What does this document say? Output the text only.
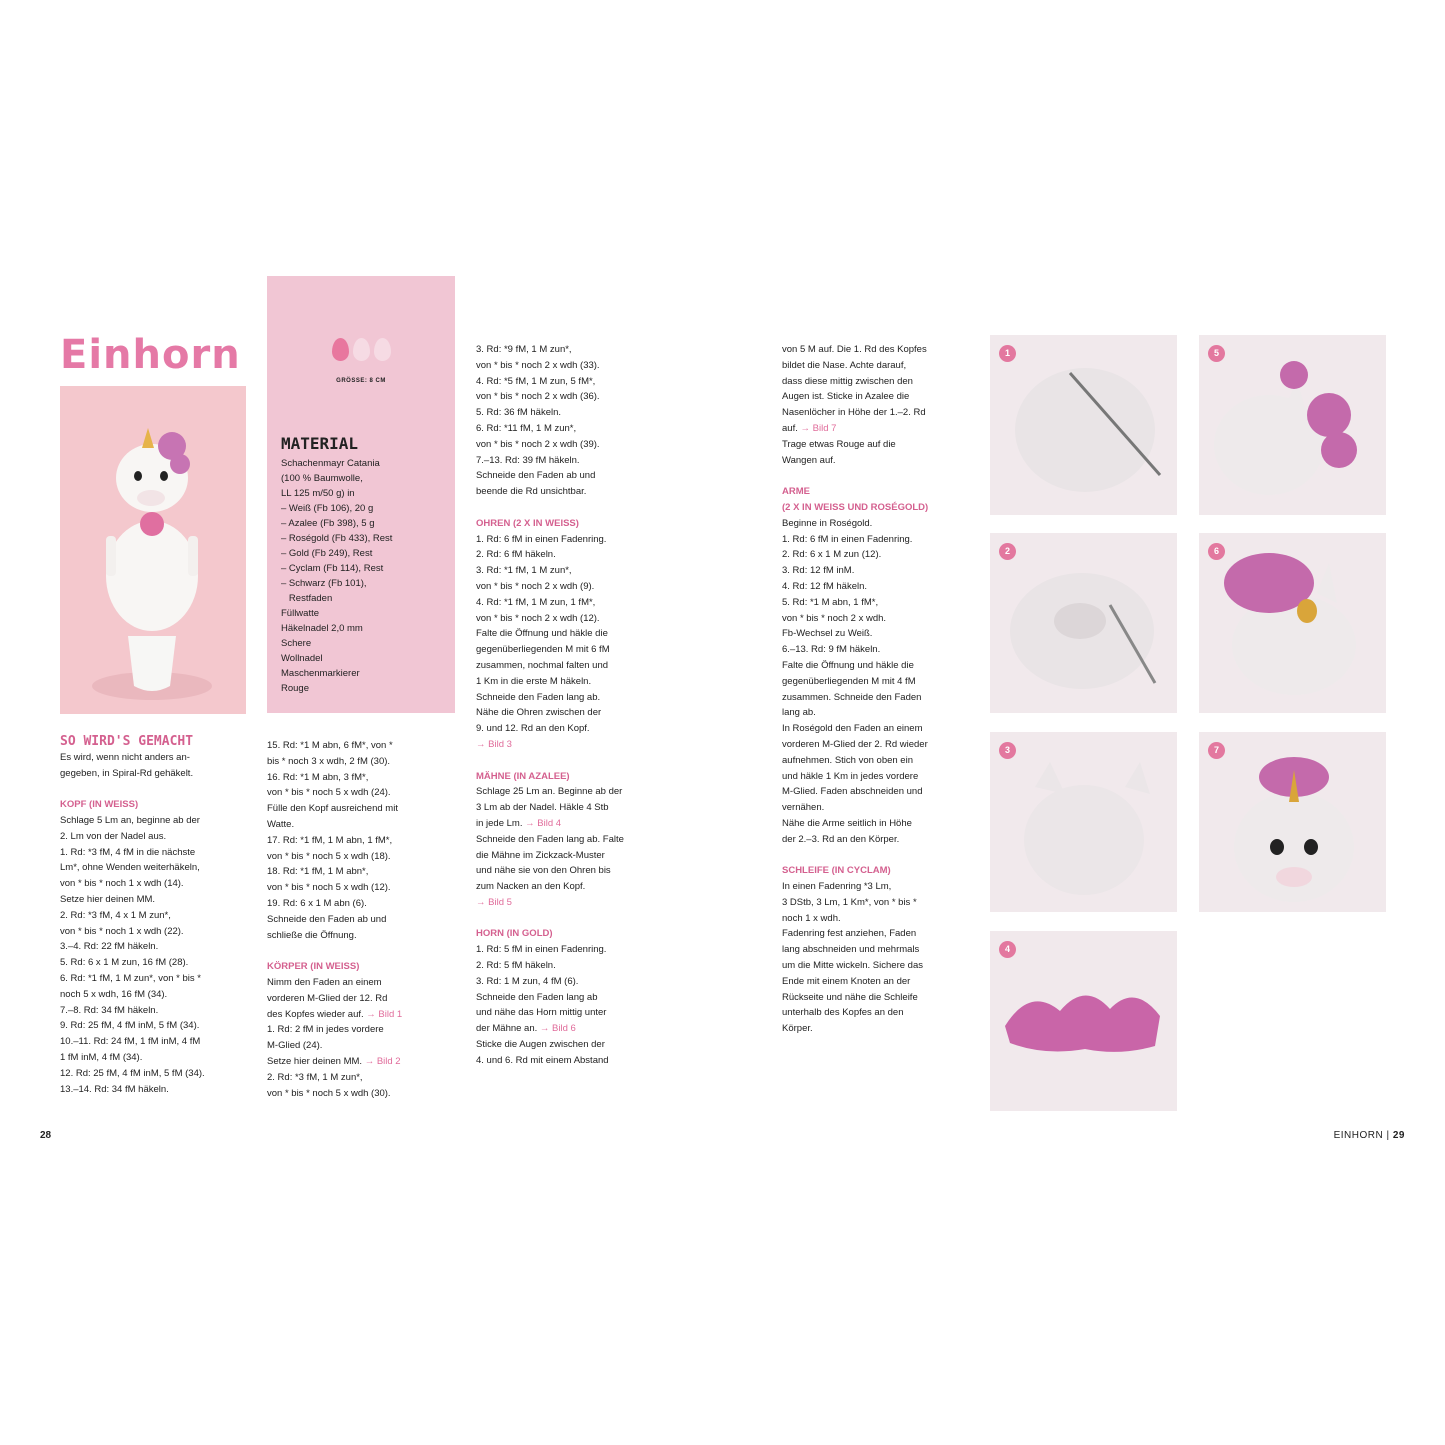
Einhorn
GRÖSSE: 8 CM
MATERIAL
Schachenmayr Catania
(100 % Baumwolle,
LL 125 m/50 g) in
– Weiß (Fb 106), 20 g
– Azalee (Fb 398), 5 g
– Roségold (Fb 433), Rest
– Gold (Fb 249), Rest
– Cyclam (Fb 114), Rest
– Schwarz (Fb 101),
Restfaden
Füllwatte
Häkelnadel 2,0 mm
Schere
Wollnadel
Maschenmarkierer
Rouge
SO WIRD'S GEMACHT
Es wird, wenn nicht anders an-
gegeben, in Spiral-Rd gehäkelt.

KOPF (IN WEISS)
Schlage 5 Lm an, beginne ab der
2. Lm von der Nadel aus.
1. Rd: *3 fM, 4 fM in die nächste
Lm*, ohne Wenden weiterhäkeln,
von * bis * noch 1 x wdh (14).
Setze hier deinen MM.
2. Rd: *3 fM, 4 x 1 M zun*,
von * bis * noch 1 x wdh (22).
3.–4. Rd: 22 fM häkeln.
5. Rd: 6 x 1 M zun, 16 fM (28).
6. Rd: *1 fM, 1 M zun*, von * bis *
noch 5 x wdh, 16 fM (34).
7.–8. Rd: 34 fM häkeln.
9. Rd: 25 fM, 4 fM inM, 5 fM (34).
10.–11. Rd: 24 fM, 1 fM inM, 4 fM
1 fM inM, 4 fM (34).
12. Rd: 25 fM, 4 fM inM, 5 fM (34).
13.–14. Rd: 34 fM häkeln.
15. Rd: *1 M abn, 6 fM*, von *
bis * noch 3 x wdh, 2 fM (30).
16. Rd: *1 M abn, 3 fM*,
von * bis * noch 5 x wdh (24).
Fülle den Kopf ausreichend mit
Watte.
17. Rd: *1 fM, 1 M abn, 1 fM*,
von * bis * noch 5 x wdh (18).
18. Rd: *1 fM, 1 M abn*,
von * bis * noch 5 x wdh (12).
19. Rd: 6 x 1 M abn (6).
Schneide den Faden ab und
schließe die Öffnung.

KÖRPER (IN WEISS)
Nimm den Faden an einem
vorderen M-Glied der 12. Rd
des Kopfes wieder auf. → Bild 1
1. Rd: 2 fM in jedes vordere
M-Glied (24).
Setze hier deinen MM. → Bild 2
2. Rd: *3 fM, 1 M zun*,
von * bis * noch 5 x wdh (30).
3. Rd: *9 fM, 1 M zun*,
von * bis * noch 2 x wdh (33).
4. Rd: *5 fM, 1 M zun, 5 fM*,
von * bis * noch 2 x wdh (36).
5. Rd: 36 fM häkeln.
6. Rd: *11 fM, 1 M zun*,
von * bis * noch 2 x wdh (39).
7.–13. Rd: 39 fM häkeln.
Schneide den Faden ab und
beende die Rd unsichtbar.

OHREN (2 X IN WEISS)
1. Rd: 6 fM in einen Fadenring.
2. Rd: 6 fM häkeln.
3. Rd: *1 fM, 1 M zun*,
von * bis * noch 2 x wdh (9).
4. Rd: *1 fM, 1 M zun, 1 fM*,
von * bis * noch 2 x wdh (12).
Falte die Öffnung und häkle die
gegenüberliegenden M mit 6 fM
zusammen, nochmal falten und
1 Km in die erste M häkeln.
Schneide den Faden lang ab.
Nähe die Ohren zwischen der
9. und 12. Rd an den Kopf.
→ Bild 3

MÄHNE (IN AZALEE)
Schlage 25 Lm an. Beginne ab der
3 Lm ab der Nadel. Häkle 4 Stb
in jede Lm. → Bild 4
Schneide den Faden lang ab. Falte
die Mähne im Zickzack-Muster
und nähe sie von den Ohren bis
zum Nacken an den Kopf.
→ Bild 5

HORN (IN GOLD)
1. Rd: 5 fM in einen Fadenring.
2. Rd: 5 fM häkeln.
3. Rd: 1 M zun, 4 fM (6).
Schneide den Faden lang ab
und nähe das Horn mittig unter
der Mähne an. → Bild 6
Sticke die Augen zwischen der
4. und 6. Rd mit einem Abstand
28
von 5 M auf. Die 1. Rd des Kopfes
bildet die Nase. Achte darauf,
dass diese mittig zwischen den
Augen ist. Sticke in Azalee die
Nasenlöcher in Höhe der 1.–2. Rd
auf. → Bild 7
Trage etwas Rouge auf die
Wangen auf.

ARME
(2 X IN WEISS UND ROSÉGOLD)
Beginne in Roségold.
1. Rd: 6 fM in einen Fadenring.
2. Rd: 6 x 1 M zun (12).
3. Rd: 12 fM inM.
4. Rd: 12 fM häkeln.
5. Rd: *1 M abn, 1 fM*,
von * bis * noch 2 x wdh.
Fb-Wechsel zu Weiß.
6.–13. Rd: 9 fM häkeln.
Falte die Öffnung und häkle die
gegenüberliegenden M mit 4 fM
zusammen. Schneide den Faden
lang ab.
In Roségold den Faden an einem
vorderen M-Glied der 2. Rd wieder
aufnehmen. Stich von oben ein
und häkle 1 Km in jedes vordere
M-Glied. Faden abschneiden und
vernähen.
Nähe die Arme seitlich in Höhe
der 2.–3. Rd an den Körper.

SCHLEIFE (IN CYCLAM)
In einen Fadenring *3 Lm,
3 DStb, 3 Lm, 1 Km*, von * bis *
noch 1 x wdh.
Fadenring fest anziehen, Faden
lang abschneiden und mehrmals
um die Mitte wickeln. Sichere das
Ende mit einem Knoten an der
Rückseite und nähe die Schleife
unterhalb des Kopfes an den
Körper.
1
2
3
4
5
6
7
EINHORN | 29
